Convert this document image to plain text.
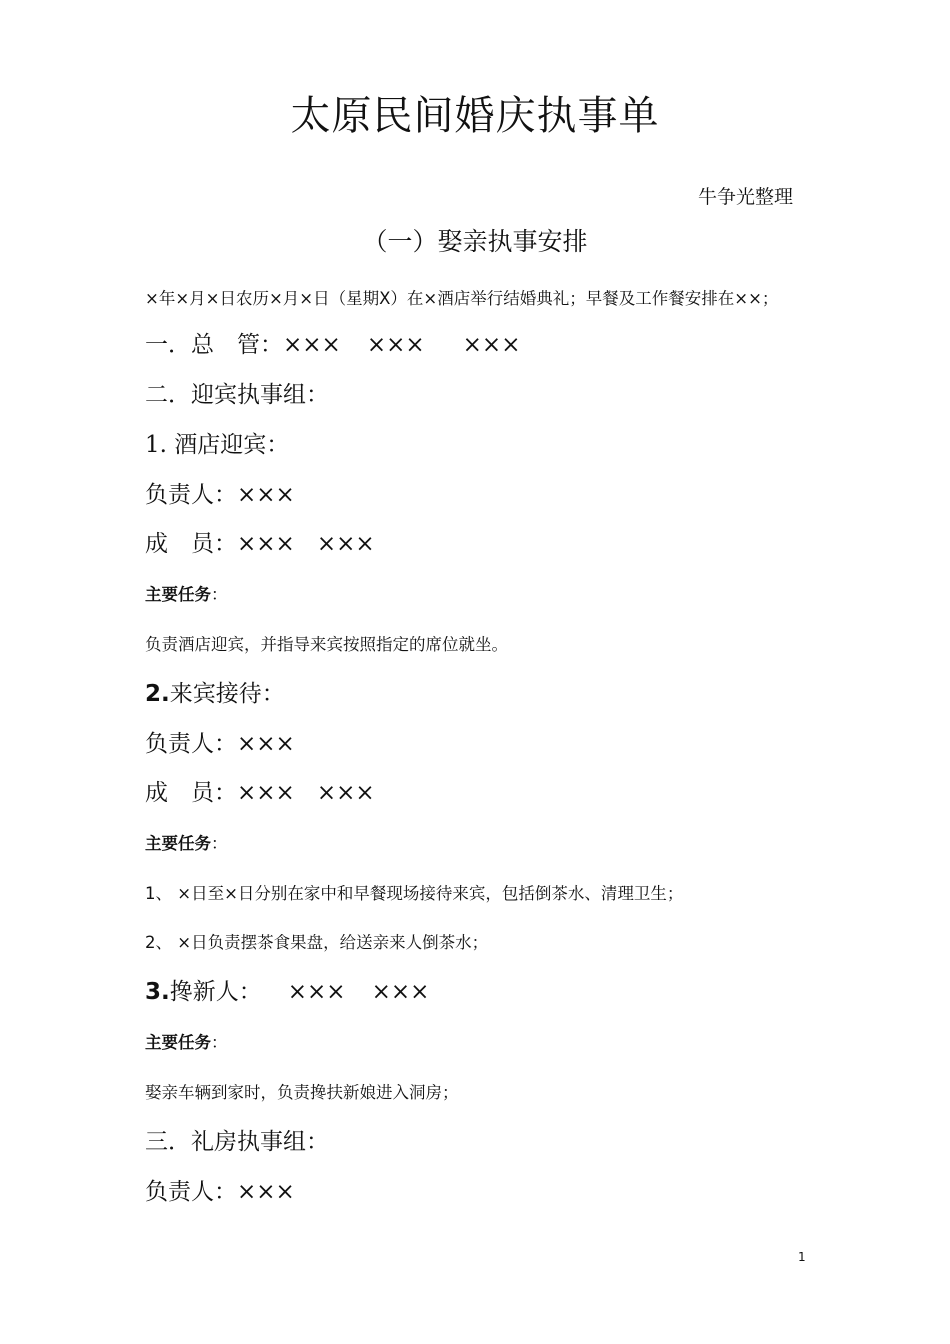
太原民间婚庆执事单
牛争光整理
（一）娶亲执事安排
×年×月×日农历×月×日（星期Ⅹ）在×酒店举行结婚典礼；早餐及工作餐安排在××；
一．总　管：××× ××× ×××
二．迎宾执事组：
1. 酒店迎宾：
负责人：×××
成　员：××× ×××
主要任务：
负责酒店迎宾，并指导来宾按照指定的席位就坐。
2.来宾接待：
负责人：×××
成　员：××× ×××
主要任务：
1、 ×日至×日分别在家中和早餐现场接待来宾，包括倒茶水、清理卫生；
2、 ×日负责摆茶食果盘，给送亲来人倒茶水；
3.搀新人： ××× ×××
主要任务：
娶亲车辆到家时，负责搀扶新娘进入洞房；
三．礼房执事组：
负责人：×××
1
